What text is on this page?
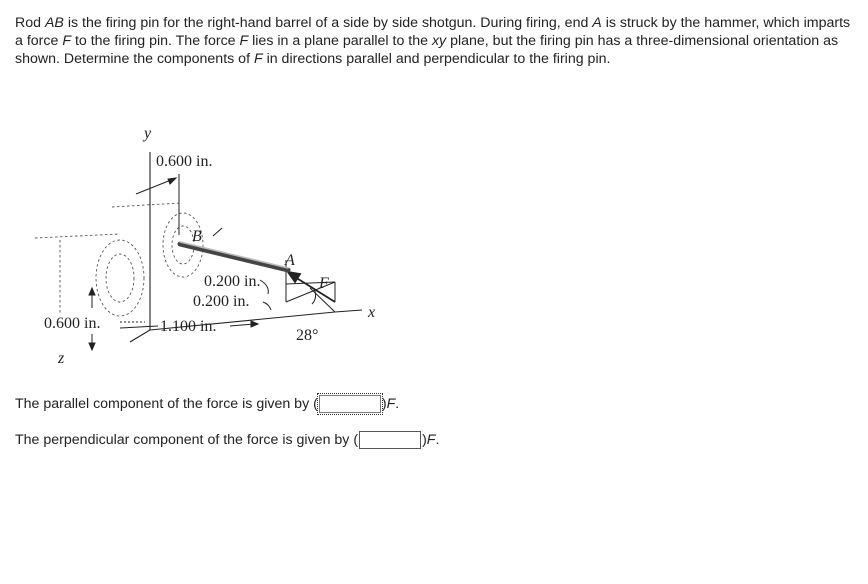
Rod AB is the firing pin for the right-hand barrel of a side by side shotgun. During firing, end A is struck by the hammer, which imparts a force F to the firing pin. The force F lies in a plane parallel to the xy plane, but the firing pin has a three-dimensional orientation as shown. Determine the components of F in directions parallel and perpendicular to the firing pin.

y
x
z
A
B
F
0.600 in.
0.600 in.
0.200 in.
0.200 in.
1.100 in.
28°
The parallel component of the force is given by (	) F .
The perpendicular component of the force is given by (	) F .
